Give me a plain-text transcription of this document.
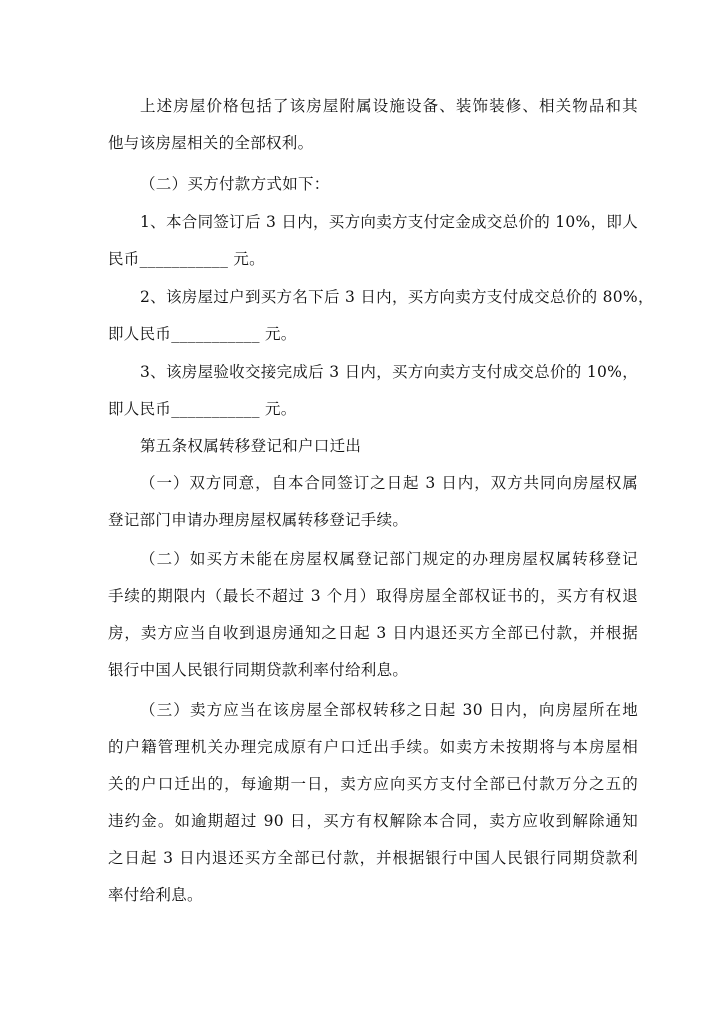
上述房屋价格包括了该房屋附属设施设备、装饰装修、相关物品和其
他与该房屋相关的全部权利。
（二）买方付款方式如下：
1、本合同签订后 3 日内，买方向卖方支付定金成交总价的 10%，即人
民币___________ 元。
2、该房屋过户到买方名下后 3 日内，买方向卖方支付成交总价的 80%，
即人民币___________ 元。
3、该房屋验收交接完成后 3 日内，买方向卖方支付成交总价的 10%，
即人民币___________ 元。
第五条权属转移登记和户口迁出
（一）双方同意，自本合同签订之日起 3 日内，双方共同向房屋权属
登记部门申请办理房屋权属转移登记手续。
（二）如买方未能在房屋权属登记部门规定的办理房屋权属转移登记
手续的期限内（最长不超过 3 个月）取得房屋全部权证书的，买方有权退
房，卖方应当自收到退房通知之日起 3 日内退还买方全部已付款，并根据
银行中国人民银行同期贷款利率付给利息。
（三）卖方应当在该房屋全部权转移之日起 30 日内，向房屋所在地
的户籍管理机关办理完成原有户口迁出手续。如卖方未按期将与本房屋相
关的户口迁出的，每逾期一日，卖方应向买方支付全部已付款万分之五的
违约金。如逾期超过 90 日，买方有权解除本合同，卖方应收到解除通知
之日起 3 日内退还买方全部已付款，并根据银行中国人民银行同期贷款利
率付给利息。
